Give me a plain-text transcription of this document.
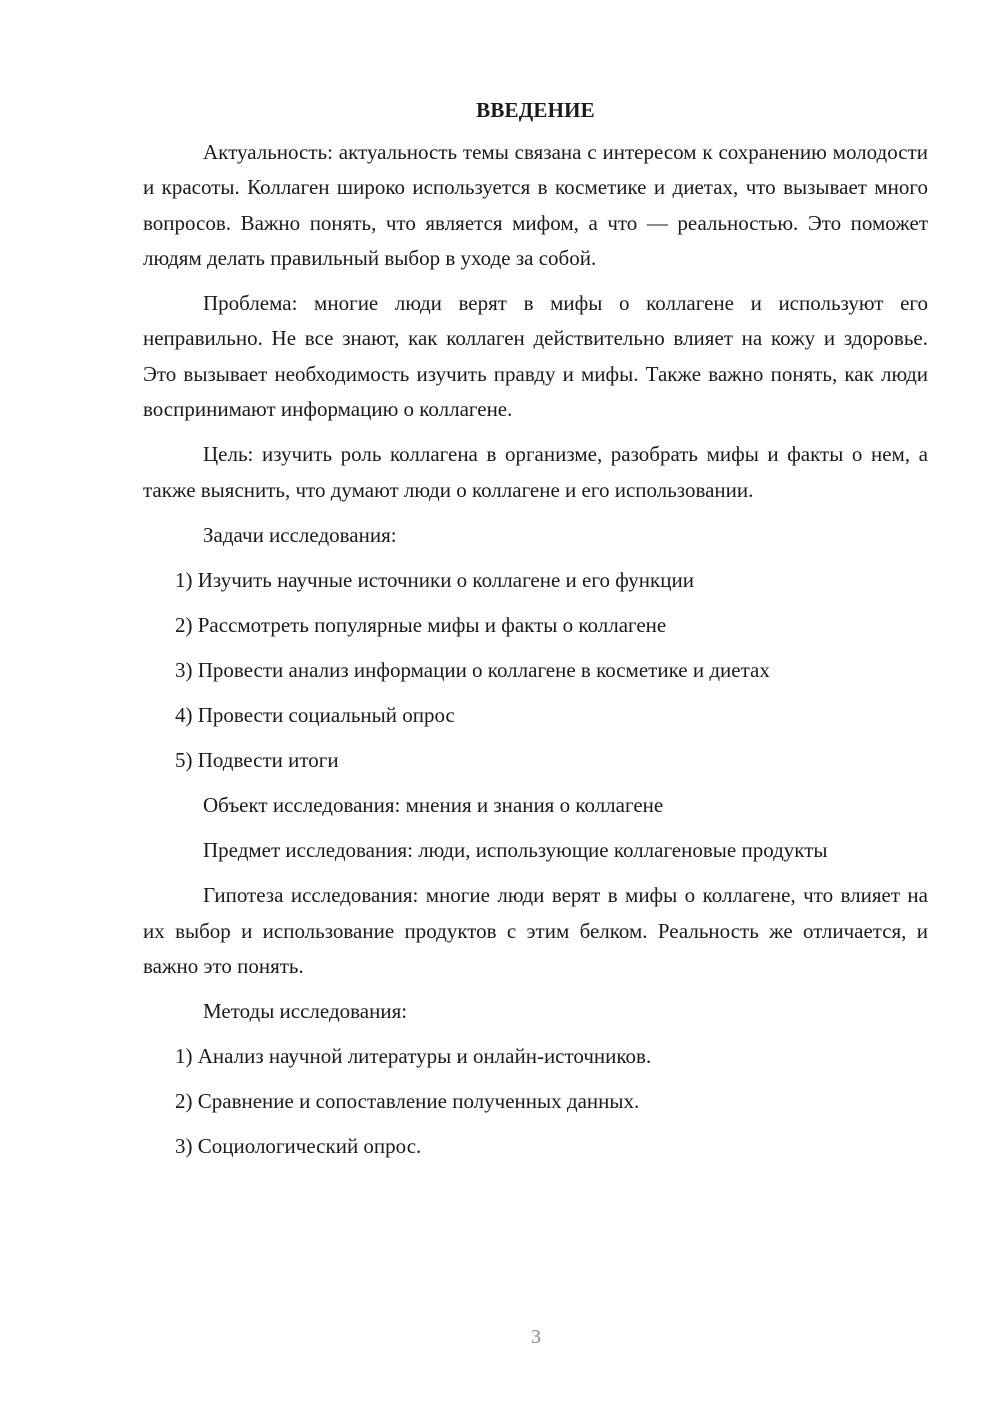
ВВЕДЕНИЕ

Актуальность: актуальность темы связана с интересом к сохранению молодости и красоты. Коллаген широко используется в косметике и диетах, что вызывает много вопросов. Важно понять, что является мифом, а что — реальностью. Это поможет людям делать правильный выбор в уходе за собой.

Проблема: многие люди верят в мифы о коллагене и используют его неправильно. Не все знают, как коллаген действительно влияет на кожу и здоровье. Это вызывает необходимость изучить правду и мифы. Также важно понять, как люди воспринимают информацию о коллагене.

Цель: изучить роль коллагена в организме, разобрать мифы и факты о нем, а также выяснить, что думают люди о коллагене и его использовании.

Задачи исследования:
1) Изучить научные источники о коллагене и его функции
2) Рассмотреть популярные мифы и факты о коллагене
3) Провести анализ информации о коллагене в косметике и диетах
4) Провести социальный опрос
5) Подвести итоги
Объект исследования: мнения и знания о коллагене

Предмет исследования: люди, использующие коллагеновые продукты

Гипотеза исследования: многие люди верят в мифы о коллагене, что влияет на их выбор и использование продуктов с этим белком. Реальность же отличается, и важно это понять.

Методы исследования:
1) Анализ научной литературы и онлайн-источников.
2) Сравнение и сопоставление полученных данных.
3) Социологический опрос.
3
